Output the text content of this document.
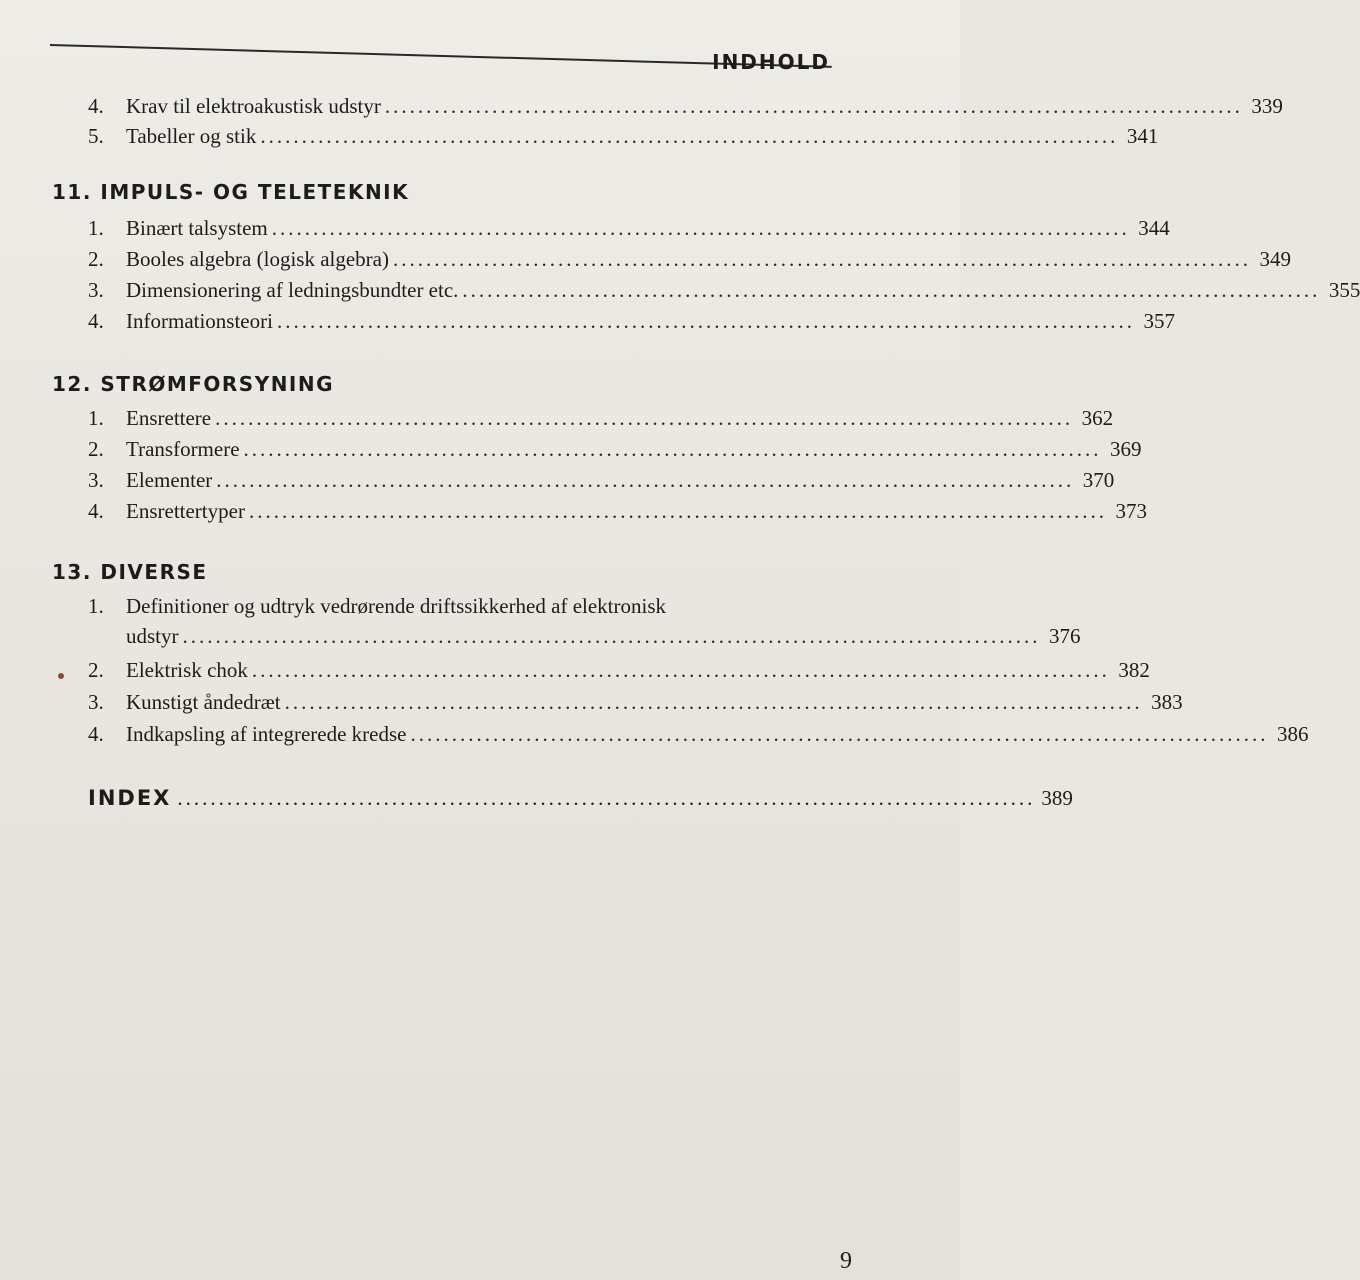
INDHOLD
4.	Krav til elektroakustisk udstyr ........................................................................................................ 339
5.	Tabeller og stik ........................................................................................................ 341
11. IMPULS- OG TELETEKNIK
1.	Binært talsystem ........................................................................................................ 344
2.	Booles algebra (logisk algebra) ........................................................................................................ 349
3.	Dimensionering af ledningsbundter etc. ........................................................................................................ 355
4.	Informationsteori ........................................................................................................ 357
12. STRØMFORSYNING
1.	Ensrettere ........................................................................................................ 362
2.	Transformere ........................................................................................................ 369
3.	Elementer ........................................................................................................ 370
4.	Ensrettertyper ........................................................................................................ 373
13. DIVERSE
1.	Definitioner og udtryk vedrørende driftssikkerhed af elektronisk
udstyr ........................................................................................................ 376
2.	Elektrisk chok ........................................................................................................ 382
3.	Kunstigt åndedræt ........................................................................................................ 383
4.	Indkapsling af integrerede kredse ........................................................................................................ 386
INDEX ........................................................................................................ 389
9
